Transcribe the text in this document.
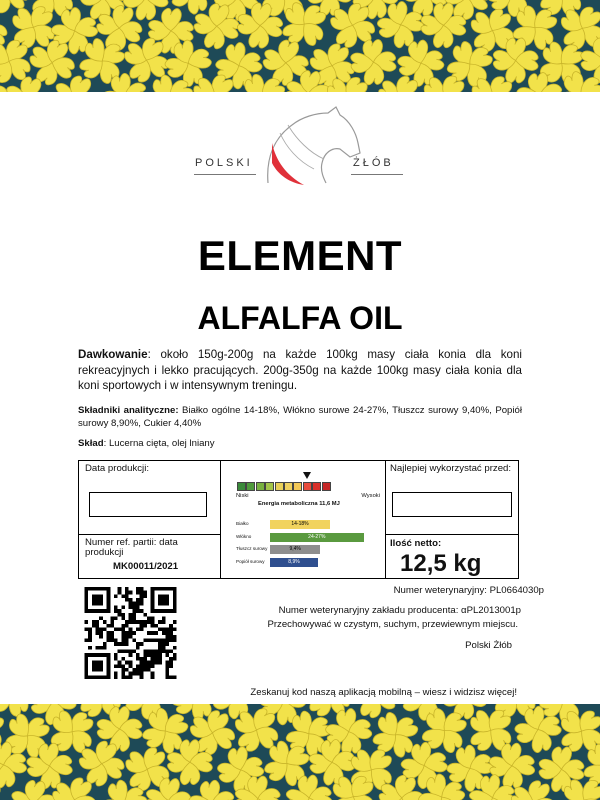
POLSKI	ŻŁÓB
ELEMENT
ALFALFA OIL
Dawkowanie: około 150g-200g na każde 100kg masy ciała konia dla koni rekreacyjnych i lekko pracujących. 200g-350g na każde 100kg masy ciała konia dla koni sportowych i w intensywnym treningu.
Składniki analityczne: Białko ogólne 14-18%, Włókno surowe 24-27%, Tłuszcz surowy 9,40%, Popiół surowy 8,90%, Cukier 4,40%
Skład: Lucerna cięta, olej lniany
Data produkcji:
Numer ref. partii: data produkcji
MK00011/2021
Najlepiej wykorzystać przed:
Ilość netto:
12,5 kg
Niski	Wysoki
Energia metaboliczna 11,6 MJ
Białko	14-18%
Włókno	24-27%
Tłuszcz surowy	9,4%
Popiół surowy	8,9%
Numer weterynaryjny: PL0664030p
Numer weterynaryjny zakładu producenta: αPL2013001p
Przechowywać w czystym, suchym, przewiewnym miejscu.
Polski Żłób
Zeskanuj kod naszą aplikacją mobilną – wiesz i widzisz więcej!
